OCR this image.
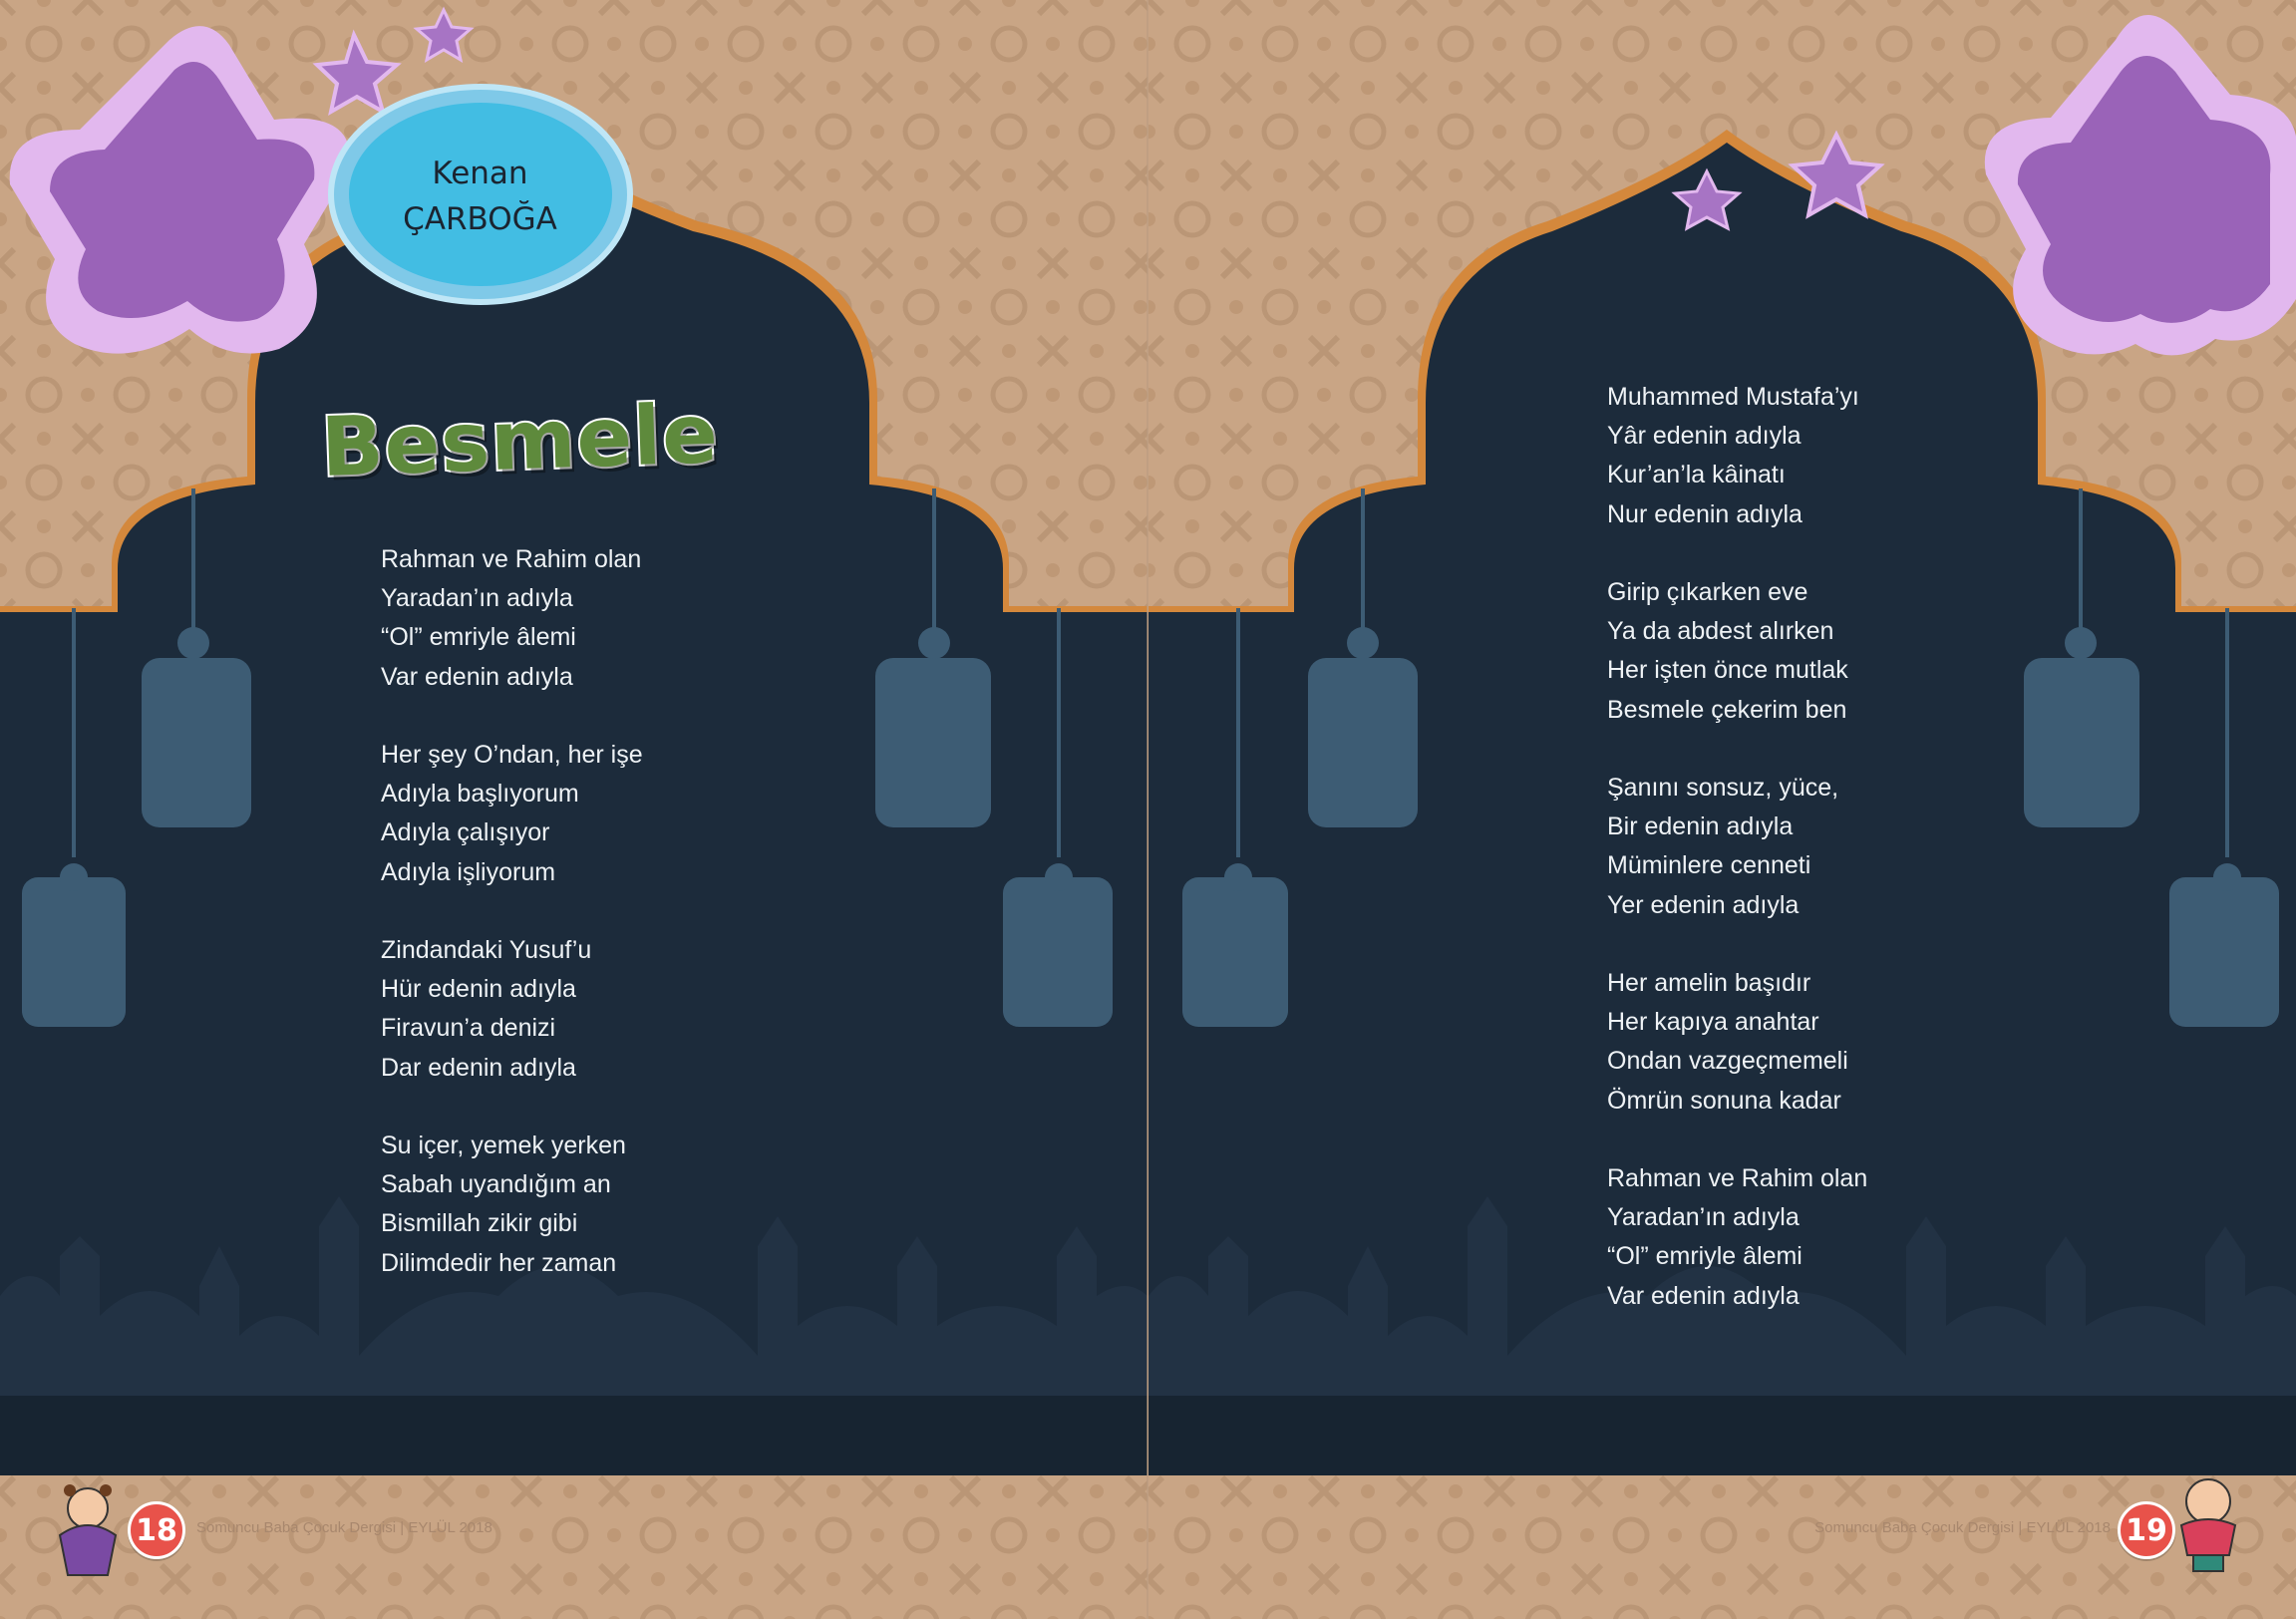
Kenan
ÇARBOĞA
Besmele
Rahman ve Rahim olan
Yaradan’ın adıyla
“Ol” emriyle âlemi
Var edenin adıyla
Her şey O’ndan, her işe
Adıyla başlıyorum
Adıyla çalışıyor
Adıyla işliyorum
Zindandaki Yusuf’u
Hür edenin adıyla
Firavun’a denizi
Dar edenin adıyla
Su içer, yemek yerken
Sabah uyandığım an
Bismillah zikir gibi
Dilimdedir her zaman
18	Somuncu Baba Çocuk Dergisi | EYLÜL 2018
Muhammed Mustafa’yı
Yâr edenin adıyla
Kur’an’la kâinatı
Nur edenin adıyla
Girip çıkarken eve
Ya da abdest alırken
Her işten önce mutlak
Besmele çekerim ben
Şanını sonsuz, yüce,
Bir edenin adıyla
Müminlere cenneti
Yer edenin adıyla
Her amelin başıdır
Her kapıya anahtar
Ondan vazgeçmemeli
Ömrün sonuna kadar
Rahman ve Rahim olan
Yaradan’ın adıyla
“Ol” emriyle âlemi
Var edenin adıyla
19
Somuncu Baba Çocuk Dergisi | EYLÜL 2018
